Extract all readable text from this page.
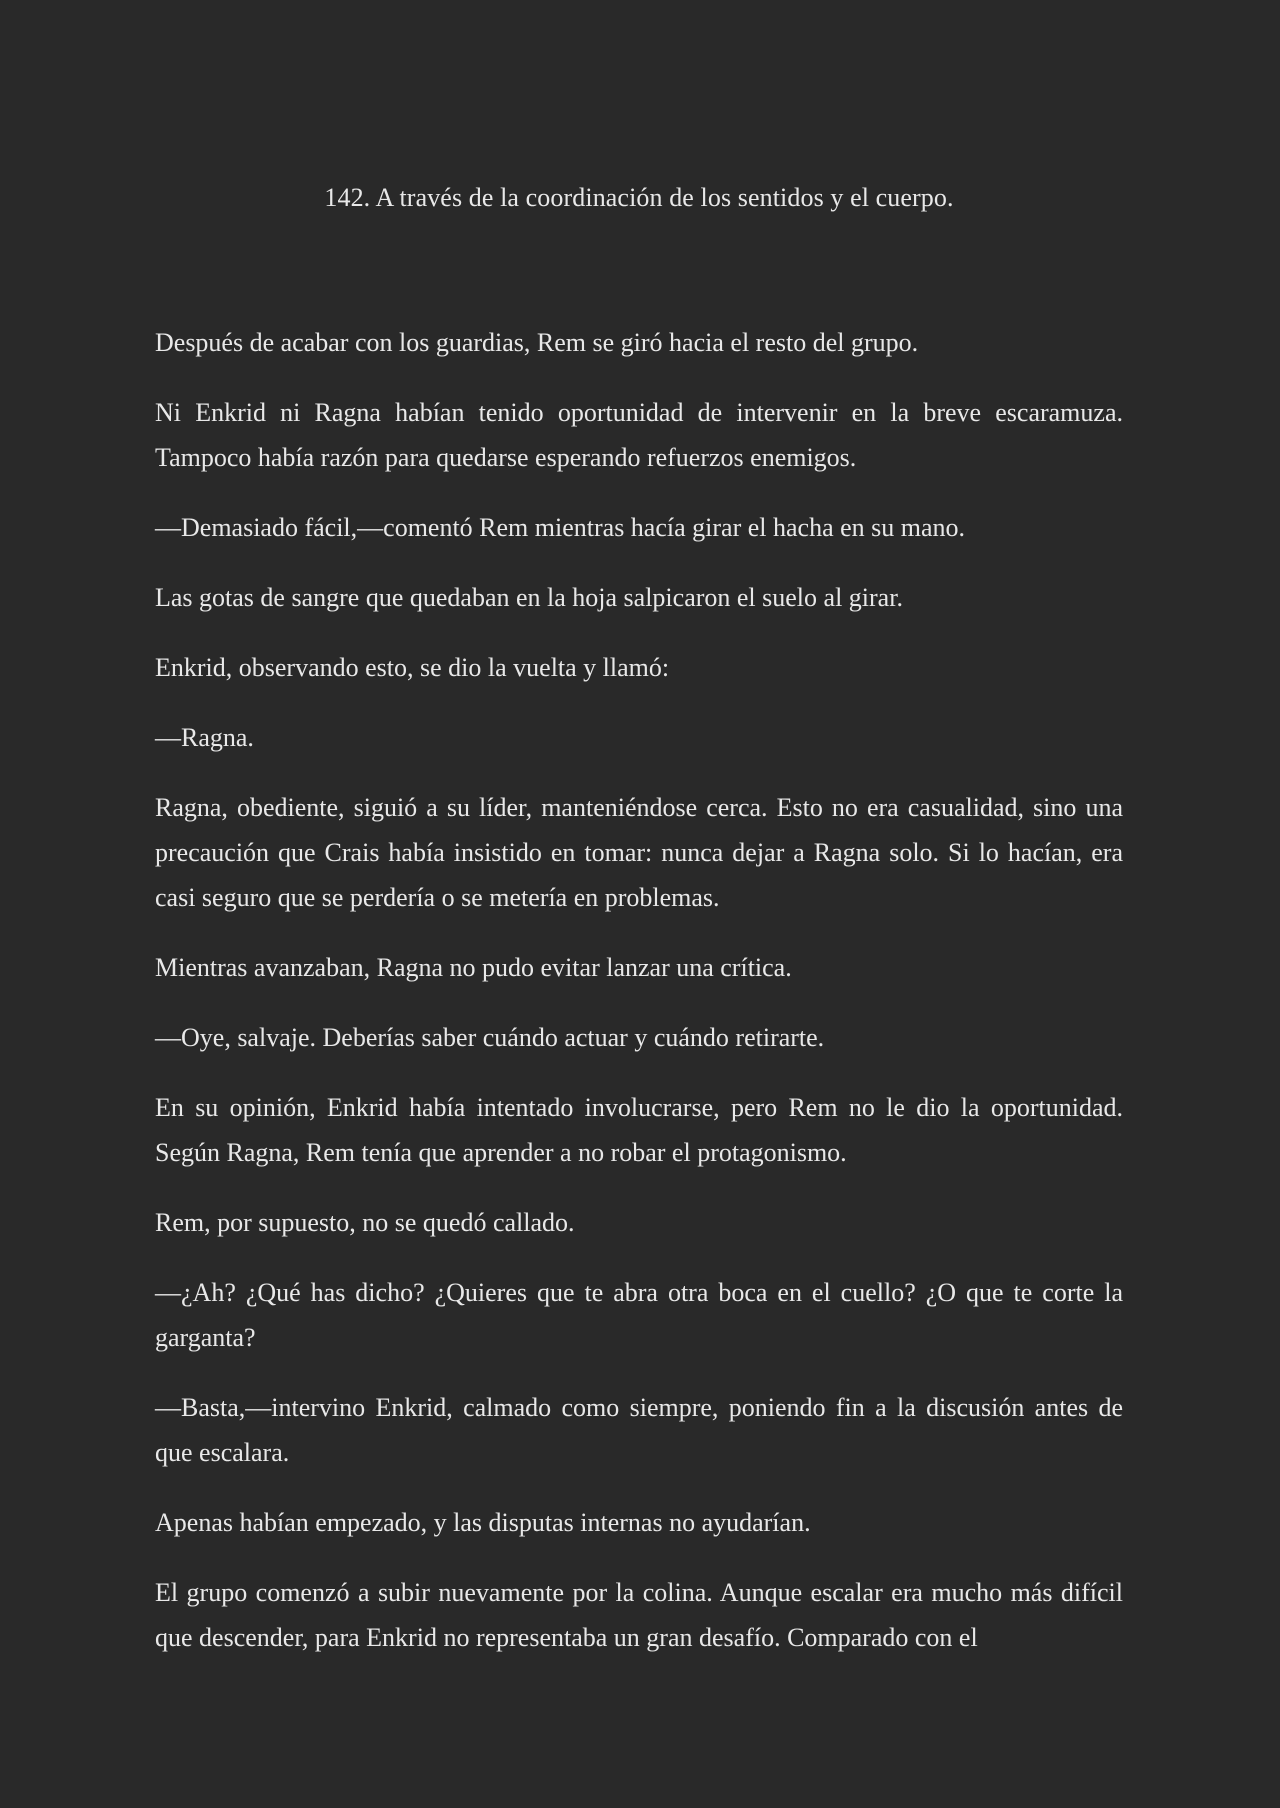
142. A través de la coordinación de los sentidos y el cuerpo.

Después de acabar con los guardias, Rem se giró hacia el resto del grupo.

Ni Enkrid ni Ragna habían tenido oportunidad de intervenir en la breve escaramuza. Tampoco había razón para quedarse esperando refuerzos enemigos.

—Demasiado fácil,—comentó Rem mientras hacía girar el hacha en su mano.

Las gotas de sangre que quedaban en la hoja salpicaron el suelo al girar.

Enkrid, observando esto, se dio la vuelta y llamó:

—Ragna.

Ragna, obediente, siguió a su líder, manteniéndose cerca. Esto no era casualidad, sino una precaución que Crais había insistido en tomar: nunca dejar a Ragna solo. Si lo hacían, era casi seguro que se perdería o se metería en problemas.

Mientras avanzaban, Ragna no pudo evitar lanzar una crítica.

—Oye, salvaje. Deberías saber cuándo actuar y cuándo retirarte.

En su opinión, Enkrid había intentado involucrarse, pero Rem no le dio la oportunidad. Según Ragna, Rem tenía que aprender a no robar el protagonismo.

Rem, por supuesto, no se quedó callado.

—¿Ah? ¿Qué has dicho? ¿Quieres que te abra otra boca en el cuello? ¿O que te corte la garganta?

—Basta,—intervino Enkrid, calmado como siempre, poniendo fin a la discusión antes de que escalara.

Apenas habían empezado, y las disputas internas no ayudarían.

El grupo comenzó a subir nuevamente por la colina. Aunque escalar era mucho más difícil que descender, para Enkrid no representaba un gran desafío. Comparado con el
